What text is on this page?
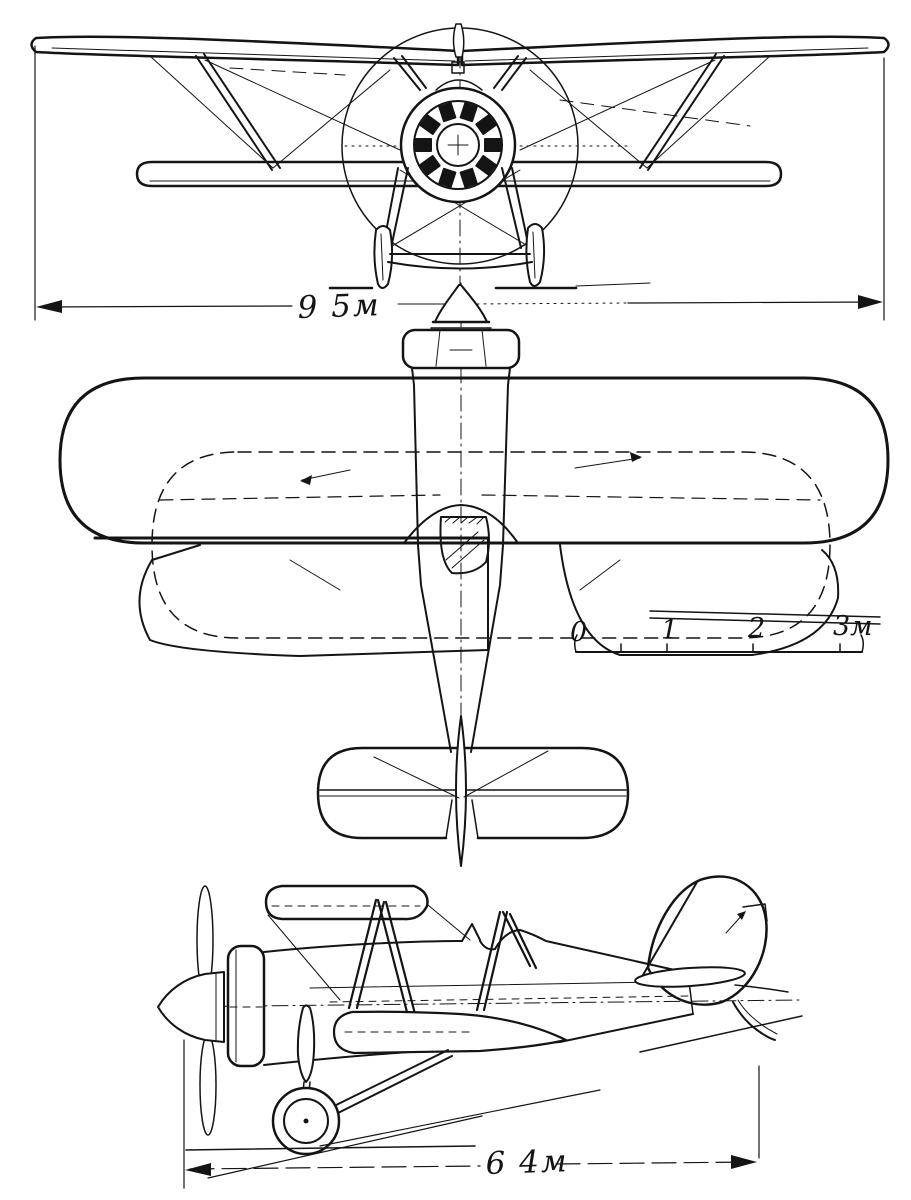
9 5м
0	1	2	3м
6 4м
